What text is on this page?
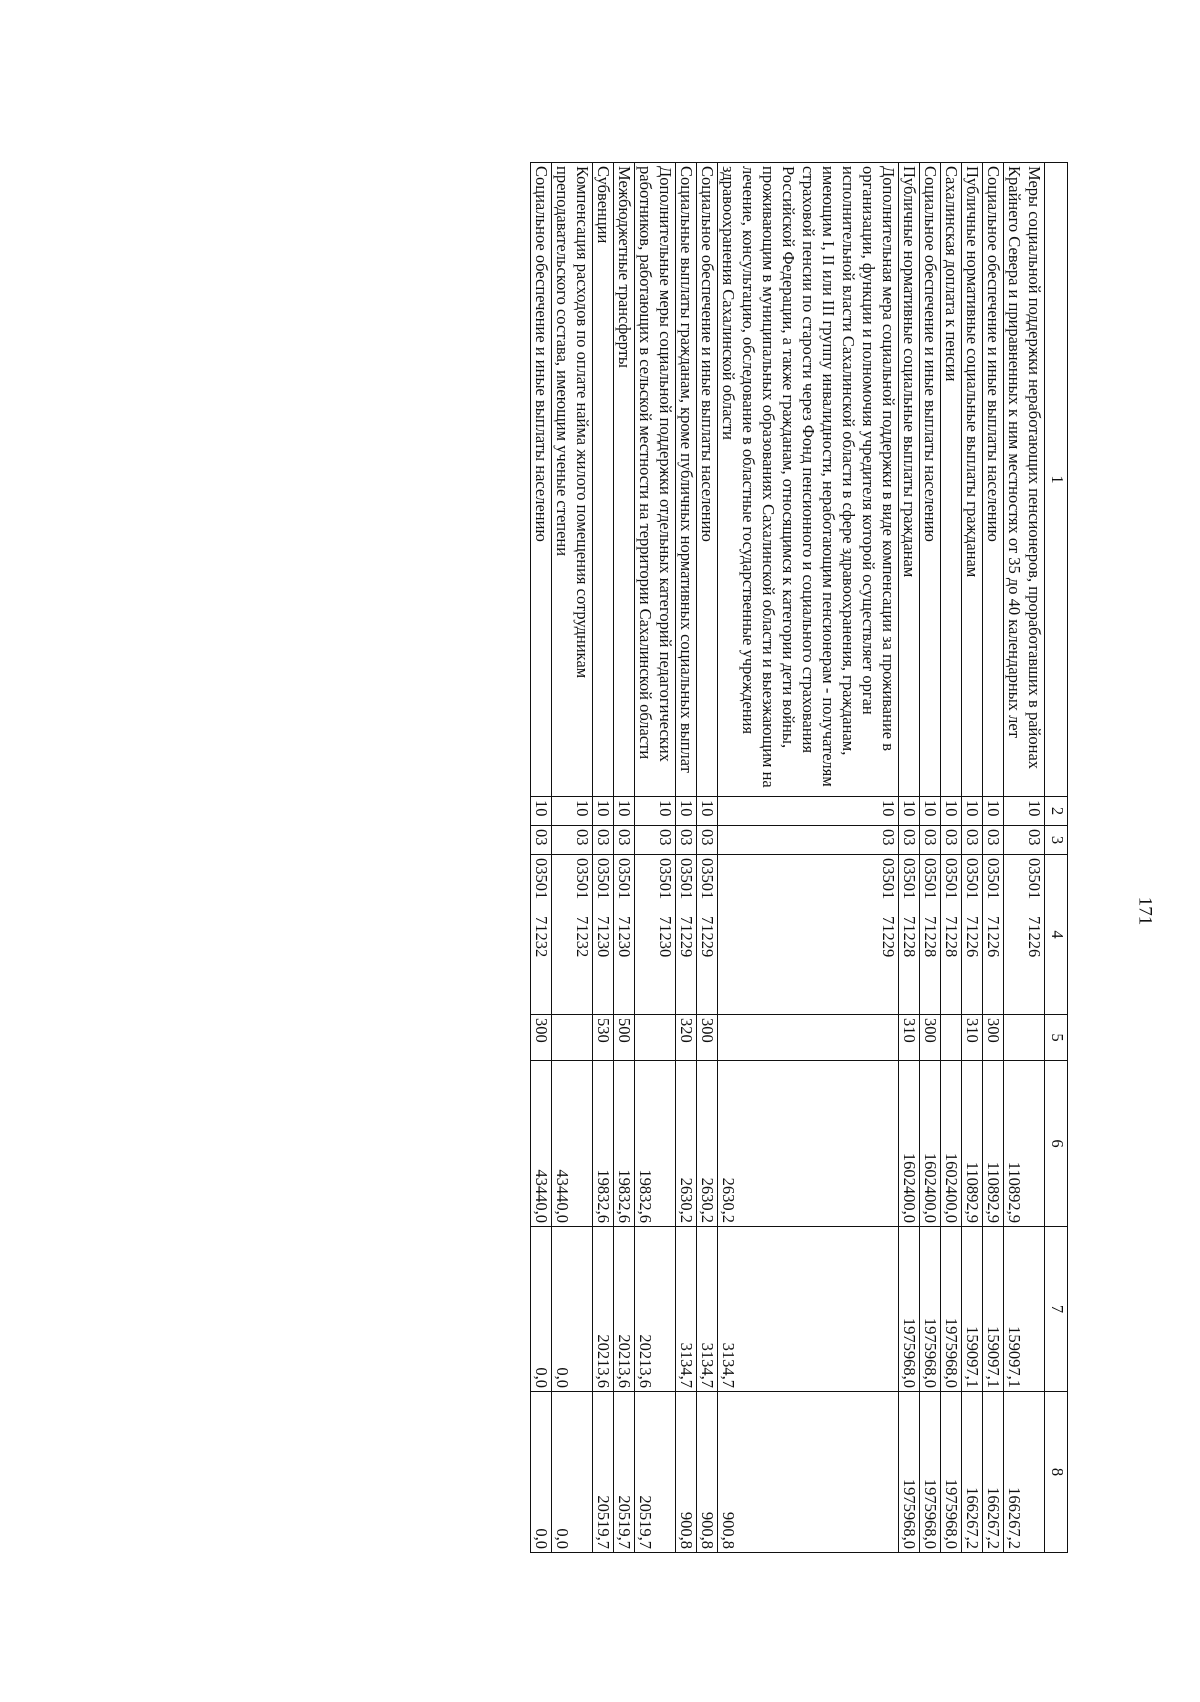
171
1	2	3	4	5	6	7	8
Меры социальной поддержки неработающих пенсионеров, проработавших в районах Крайнего Севера и приравненных к ним местностях от 35 до 40 календарных лет	10	03	0350171226		110892,9	159097,1	166267,2
Социальное обеспечение и иные выплаты населению	10	03	0350171226	300	110892,9	159097,1	166267,2
Публичные нормативные социальные выплаты гражданам	10	03	0350171226	310	110892,9	159097,1	166267,2
Сахалинская доплата к пенсии	10	03	0350171228		1602400,0	1975968,0	1975968,0
Социальное обеспечение и иные выплаты населению	10	03	0350171228	300	1602400,0	1975968,0	1975968,0
Публичные нормативные социальные выплаты гражданам	10	03	0350171228	310	1602400,0	1975968,0	1975968,0
Дополнительная мера социальной поддержки в виде компенсации за проживание в организации, функции и полномочия учредителя которой осуществляет орган исполнительной власти Сахалинской области в сфере здравоохранения, гражданам, имеющим I, II или III группу инвалидности, неработающим пенсионерам - получателям страховой пенсии по старости через Фонд пенсионного и социального страхования Российской Федерации, а также гражданам, относящимся к категории дети войны, проживающим в муниципальных образованиях Сахалинской области и выезжающим на лечение, консультацию, обследование в областные государственные учреждения здравоохранения Сахалинской области	10	03	0350171229		2630,2	3134,7	900,8
Социальное обеспечение и иные выплаты населению	10	03	0350171229	300	2630,2	3134,7	900,8
Социальные выплаты гражданам, кроме публичных нормативных социальных выплат	10	03	0350171229	320	2630,2	3134,7	900,8
Дополнительные меры социальной поддержки отдельных категорий педагогических работников, работающих в сельской местности на территории Сахалинской области	10	03	0350171230		19832,6	20213,6	20519,7
Межбюджетные трансферты	10	03	0350171230	500	19832,6	20213,6	20519,7
Субвенции	10	03	0350171230	530	19832,6	20213,6	20519,7
Компенсация расходов по оплате найма жилого помещения сотрудникам преподавательского состава, имеющим ученые степени	10	03	0350171232		43440,0	0,0	0,0
Социальное обеспечение и иные выплаты населению	10	03	0350171232	300	43440,0	0,0	0,0
